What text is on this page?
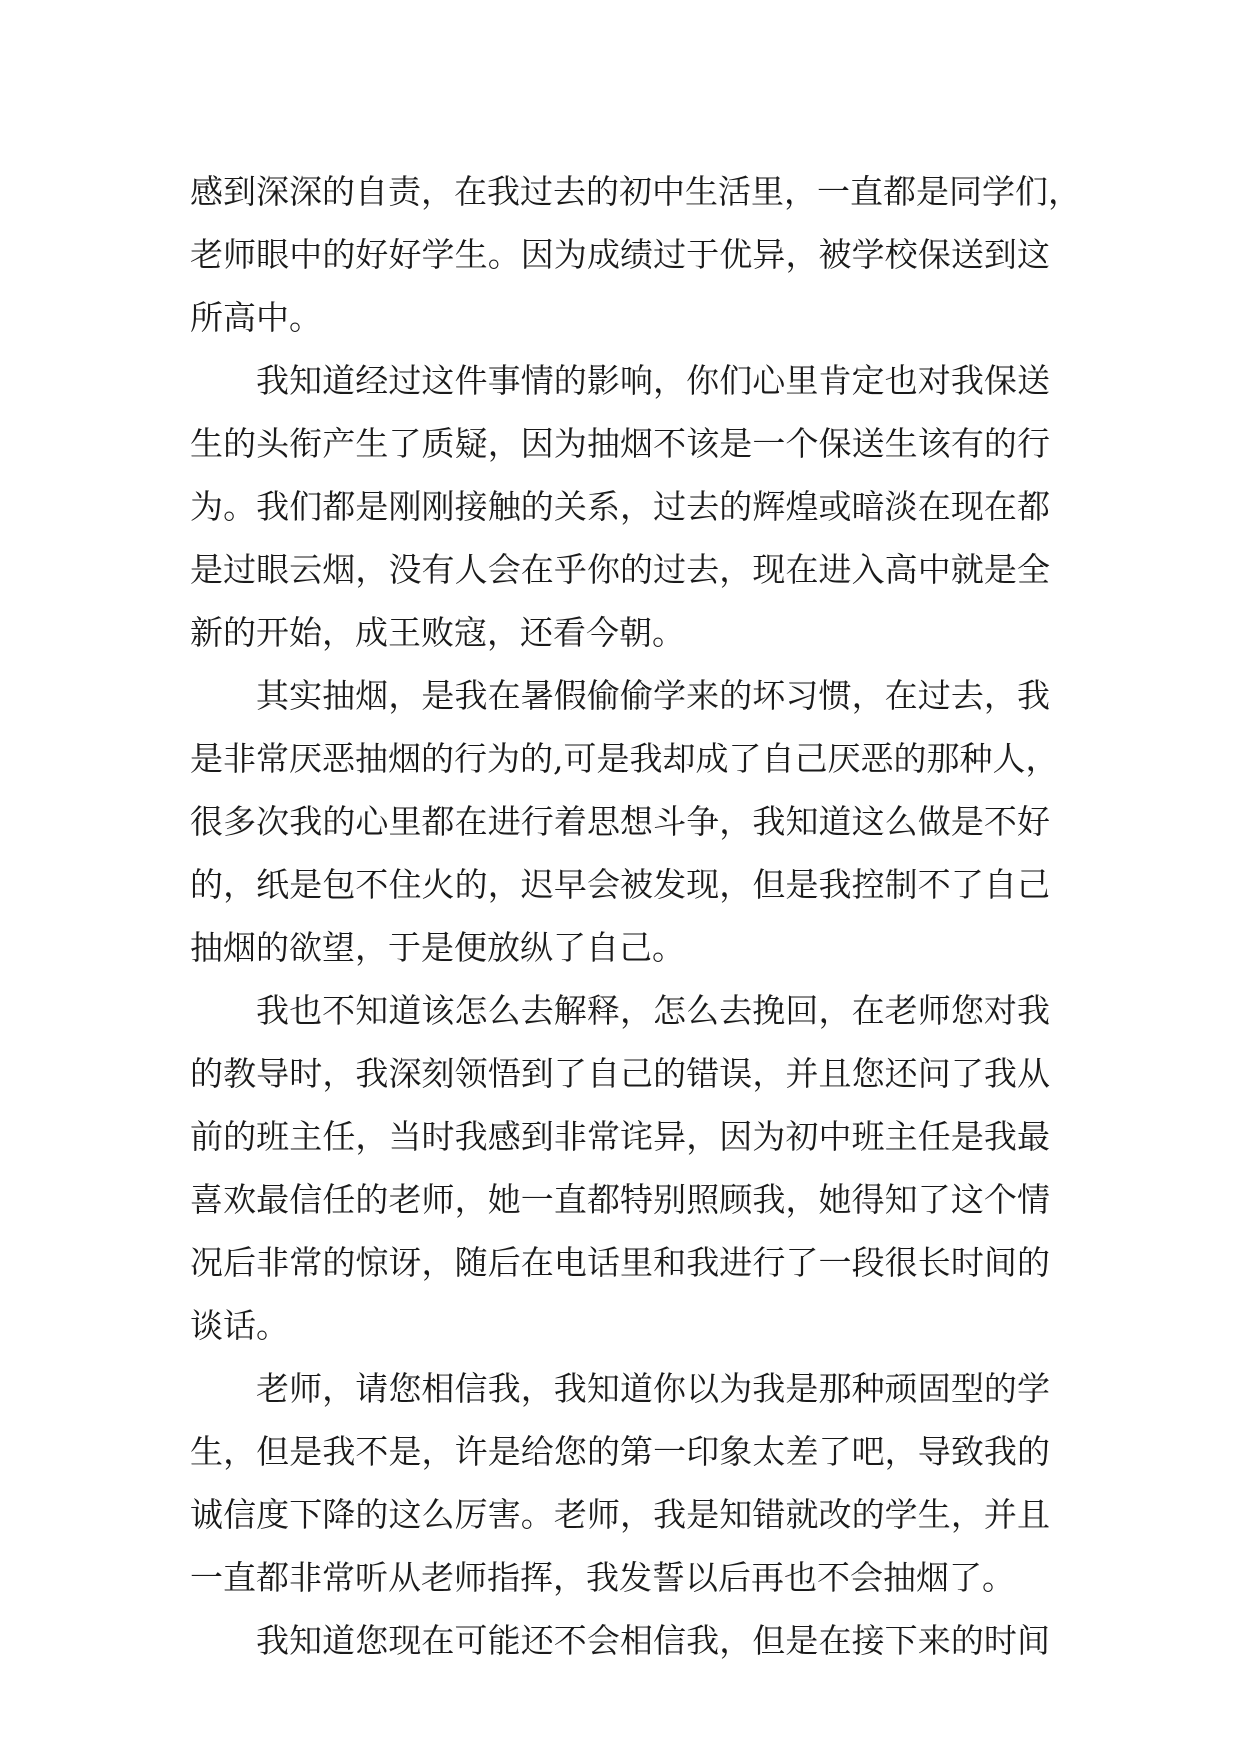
感到深深的自责，在我过去的初中生活里，一直都是同学们，
老师眼中的好好学生。因为成绩过于优异，被学校保送到这
所高中。
我知道经过这件事情的影响，你们心里肯定也对我保送
生的头衔产生了质疑，因为抽烟不该是一个保送生该有的行
为。我们都是刚刚接触的关系，过去的辉煌或暗淡在现在都
是过眼云烟，没有人会在乎你的过去，现在进入高中就是全
新的开始，成王败寇，还看今朝。
其实抽烟，是我在暑假偷偷学来的坏习惯，在过去，我
是非常厌恶抽烟的行为的,可是我却成了自己厌恶的那种人，
很多次我的心里都在进行着思想斗争，我知道这么做是不好
的，纸是包不住火的，迟早会被发现，但是我控制不了自己
抽烟的欲望，于是便放纵了自己。
我也不知道该怎么去解释，怎么去挽回，在老师您对我
的教导时，我深刻领悟到了自己的错误，并且您还问了我从
前的班主任，当时我感到非常诧异，因为初中班主任是我最
喜欢最信任的老师，她一直都特别照顾我，她得知了这个情
况后非常的惊讶，随后在电话里和我进行了一段很长时间的
谈话。
老师，请您相信我，我知道你以为我是那种顽固型的学
生，但是我不是，许是给您的第一印象太差了吧，导致我的
诚信度下降的这么厉害。老师，我是知错就改的学生，并且
一直都非常听从老师指挥，我发誓以后再也不会抽烟了。
我知道您现在可能还不会相信我，但是在接下来的时间
